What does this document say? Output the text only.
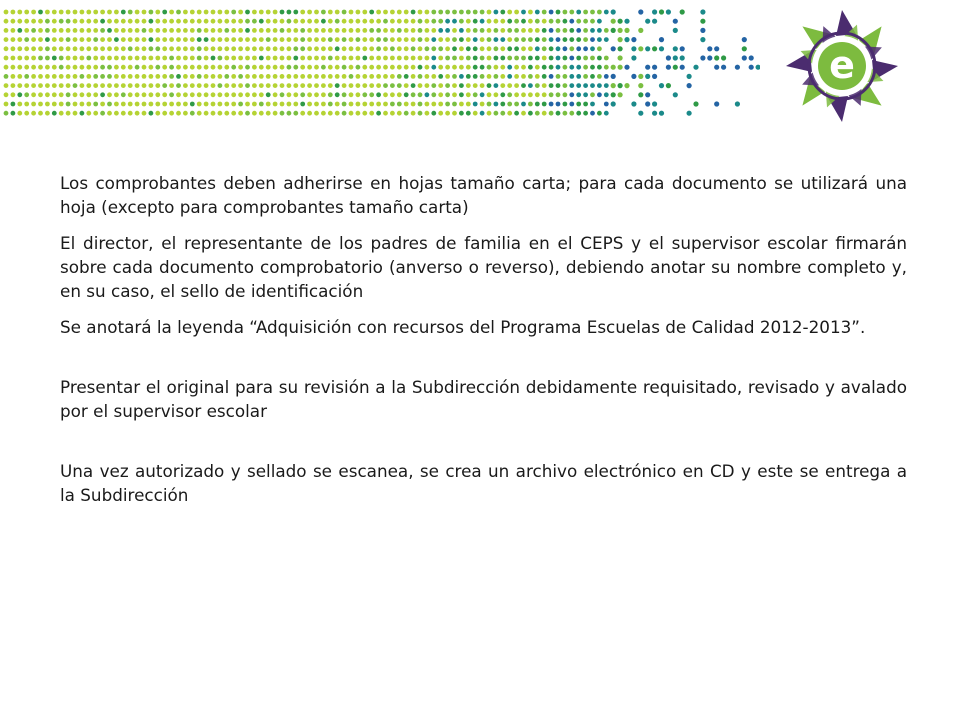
e

Los comprobantes deben adherirse en hojas tamaño carta; para cada documento se utilizará una hoja (excepto para comprobantes tamaño carta)

El director, el representante de los padres de familia en el CEPS y el supervisor escolar firmarán sobre cada documento comprobatorio (anverso o reverso), debiendo anotar su nombre completo y, en su caso, el sello de identificación

Se anotará la leyenda “Adquisición con recursos del Programa Escuelas de Calidad 2012-2013”.

Presentar el original para su revisión a la Subdirección debidamente requisitado, revisado y avalado por el supervisor escolar

Una vez autorizado y sellado se escanea, se crea un archivo electrónico en CD y este se entrega a la Subdirección
